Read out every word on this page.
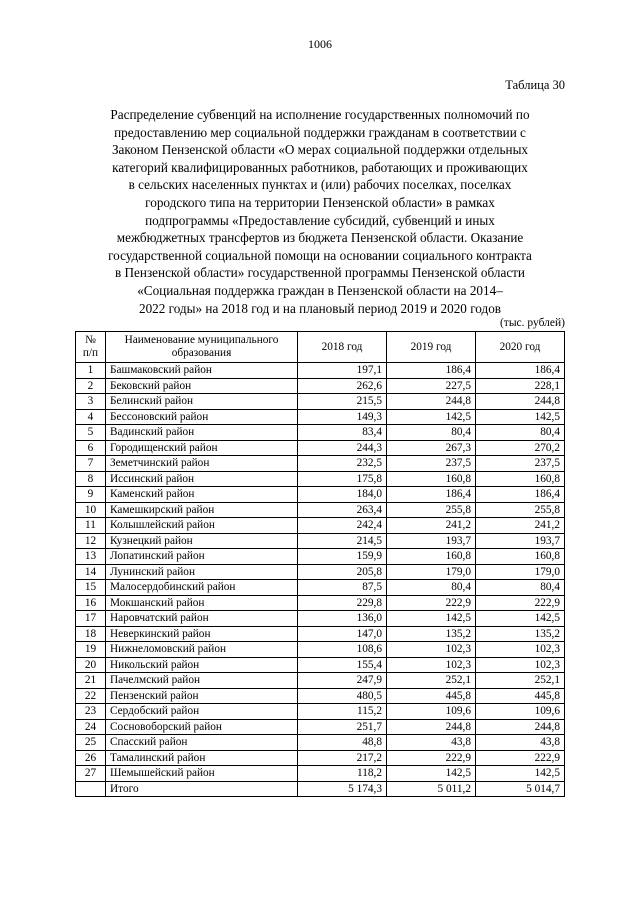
1006
Таблица 30
Распределение субвенций на исполнение государственных полномочий по
предоставлению мер социальной поддержки гражданам в соответствии с
Законом Пензенской области «О мерах социальной поддержки отдельных
категорий квалифицированных работников, работающих и проживающих
в сельских населенных пунктах и (или) рабочих поселках, поселках
городского типа на территории Пензенской области» в рамках
подпрограммы «Предоставление субсидий, субвенций и иных
межбюджетных трансфертов из бюджета Пензенской области. Оказание
государственной социальной помощи на основании социального контракта
в Пензенской области» государственной программы Пензенской области
«Социальная поддержка граждан в Пензенской области на 2014–
2022 годы» на 2018 год и на плановый период 2019 и 2020 годов
(тыс. рублей)
№ п/п	Наименование муниципального образования	2018 год	2019 год	2020 год
1	Башмаковский район	197,1	186,4	186,4
2	Бековский район	262,6	227,5	228,1
3	Белинский район	215,5	244,8	244,8
4	Бессоновский район	149,3	142,5	142,5
5	Вадинский район	83,4	80,4	80,4
6	Городищенский район	244,3	267,3	270,2
7	Земетчинский район	232,5	237,5	237,5
8	Иссинский район	175,8	160,8	160,8
9	Каменский район	184,0	186,4	186,4
10	Камешкирский район	263,4	255,8	255,8
11	Колышлейский район	242,4	241,2	241,2
12	Кузнецкий район	214,5	193,7	193,7
13	Лопатинский район	159,9	160,8	160,8
14	Лунинский район	205,8	179,0	179,0
15	Малосердобинский район	87,5	80,4	80,4
16	Мокшанский район	229,8	222,9	222,9
17	Наровчатский район	136,0	142,5	142,5
18	Неверкинский район	147,0	135,2	135,2
19	Нижнеломовский район	108,6	102,3	102,3
20	Никольский район	155,4	102,3	102,3
21	Пачелмский район	247,9	252,1	252,1
22	Пензенский район	480,5	445,8	445,8
23	Сердобский район	115,2	109,6	109,6
24	Сосновоборский район	251,7	244,8	244,8
25	Спасский район	48,8	43,8	43,8
26	Тамалинский район	217,2	222,9	222,9
27	Шемышейский район	118,2	142,5	142,5
	Итого	5 174,3	5 011,2	5 014,7
